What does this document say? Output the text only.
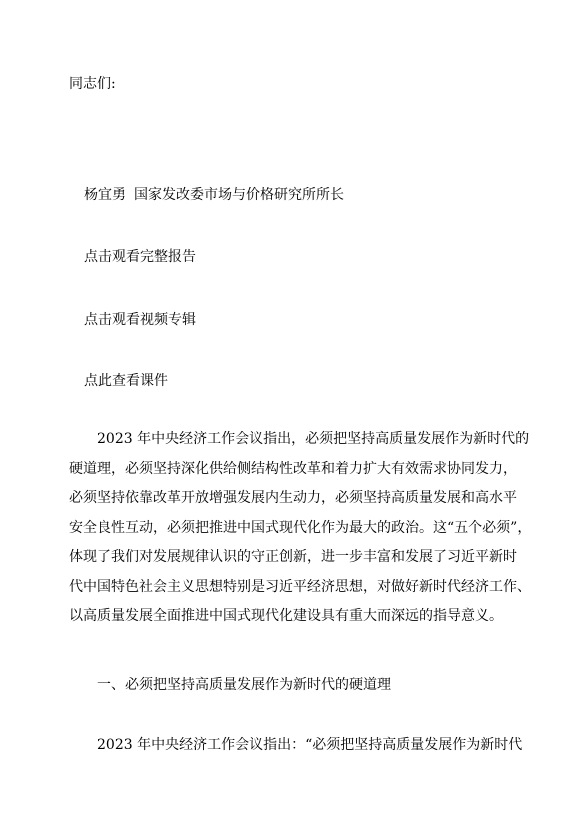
同志们:
杨宜勇 国家发改委市场与价格研究所所长
点击观看完整报告
点击观看视频专辑
点此查看课件

2023 年中央经济工作会议指出，必须把坚持高质量发展作为新时代的

硬道理，必须坚持深化供给侧结构性改革和着力扩大有效需求协同发力，

必须坚持依靠改革开放增强发展内生动力，必须坚持高质量发展和高水平

安全良性互动，必须把推进中国式现代化作为最大的政治。这“五个必须”，

体现了我们对发展规律认识的守正创新，进一步丰富和发展了习近平新时

代中国特色社会主义思想特别是习近平经济思想，对做好新时代经济工作、

以高质量发展全面推进中国式现代化建设具有重大而深远的指导意义。

一、必须把坚持高质量发展作为新时代的硬道理
2023 年中央经济工作会议指出：“必须把坚持高质量发展作为新时代
